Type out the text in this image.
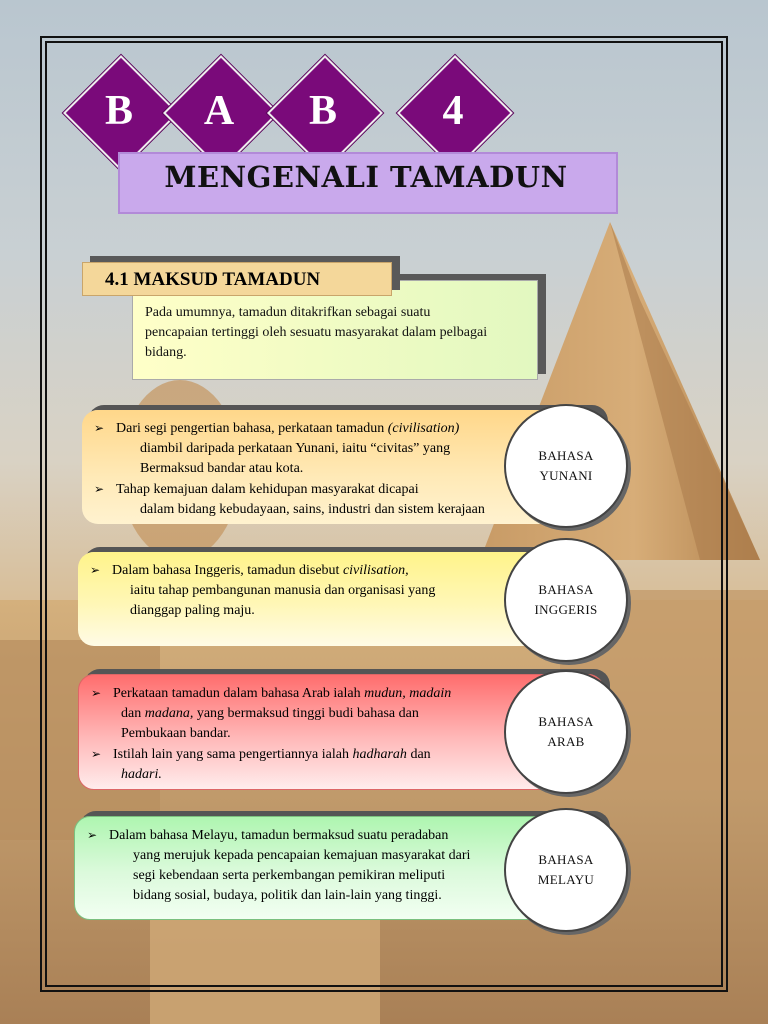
B	A	B	4
MENGENALI TAMADUN
Pada umumnya, tamadun ditakrifkan sebagai suatu
pencapaian tertinggi oleh sesuatu masyarakat dalam pelbagai
bidang.
4.1 MAKSUD TAMADUN
➢ Dari segi pengertian bahasa, perkataan tamadun (civilisation)
diambil daripada perkataan Yunani, iaitu “civitas” yang
Bermaksud bandar atau kota.
➢ Tahap kemajuan dalam kehidupan masyarakat dicapai
dalam bidang kebudayaan, sains, industri dan sistem kerajaan
BAHASA
YUNANI
➢ Dalam bahasa Inggeris, tamadun disebut civilisation,
iaitu tahap pembangunan manusia dan organisasi yang
dianggap paling maju.
BAHASA
INGGERIS
➢ Perkataan tamadun dalam bahasa Arab ialah mudun, madain
dan madana, yang bermaksud tinggi budi bahasa dan
Pembukaan bandar.
➢ Istilah lain yang sama pengertiannya ialah hadharah dan
hadari.
BAHASA
ARAB
➢ Dalam bahasa Melayu, tamadun bermaksud suatu peradaban
yang merujuk kepada pencapaian kemajuan masyarakat dari
segi kebendaan serta perkembangan pemikiran meliputi
bidang sosial, budaya, politik dan lain-lain yang tinggi.
BAHASA
MELAYU
